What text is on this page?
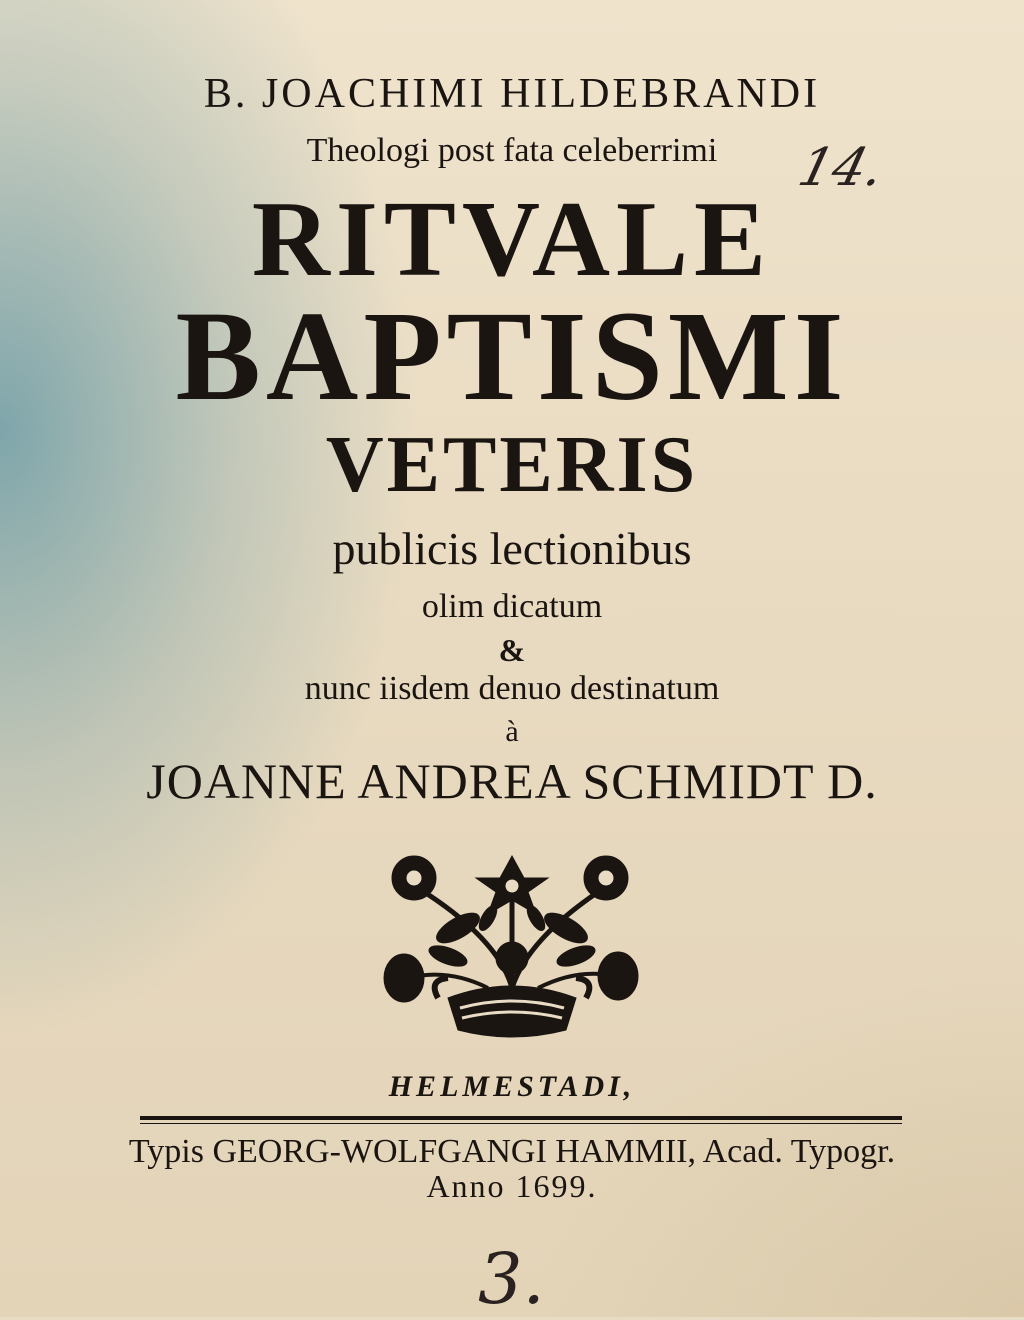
B. JOACHIMI HILDEBRANDI

Theologi post fata celeberrimi	14.

RITVALE

BAPTISMI

VETERIS

publicis lectionibus

olim dicatum

&

nunc iisdem denuo destinatum

à

JOANNE ANDREA SCHMIDT D.

HELMESTADI,

Typis GEORG-WOLFGANGI HAMMII, Acad. Typogr.

Anno 1699.

3.
